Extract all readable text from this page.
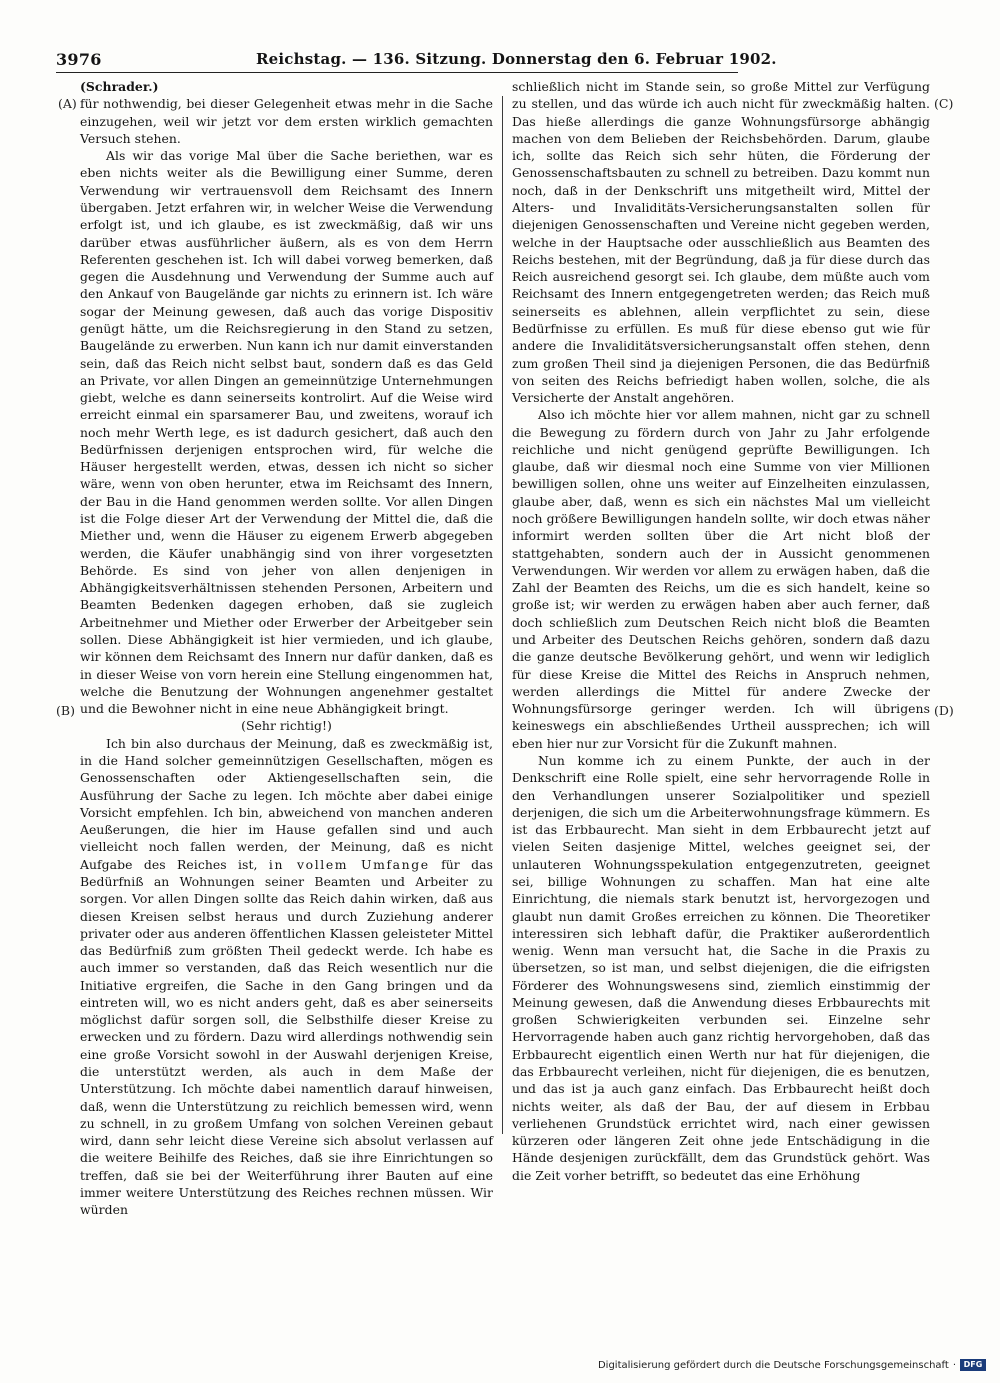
3976	Reichstag. — 136. Sitzung. Donnerstag den 6. Februar 1902.
(A)
(B)
(C)
(D)
(Schrader.)

für nothwendig, bei dieser Gelegenheit etwas mehr in die Sache einzugehen, weil wir jetzt vor dem ersten wirklich gemachten Versuch stehen.

Als wir das vorige Mal über die Sache beriethen, war es eben nichts weiter als die Bewilligung einer Summe, deren Verwendung wir vertrauensvoll dem Reichsamt des Innern übergaben. Jetzt erfahren wir, in welcher Weise die Verwendung erfolgt ist, und ich glaube, es ist zweckmäßig, daß wir uns darüber etwas ausführlicher äußern, als es von dem Herrn Referenten geschehen ist. Ich will dabei vorweg bemerken, daß gegen die Ausdehnung und Verwendung der Summe auch auf den Ankauf von Baugelände gar nichts zu erinnern ist. Ich wäre sogar der Meinung gewesen, daß auch das vorige Dispositiv genügt hätte, um die Reichsregierung in den Stand zu setzen, Baugelände zu erwerben. Nun kann ich nur damit einverstanden sein, daß das Reich nicht selbst baut, sondern daß es das Geld an Private, vor allen Dingen an gemeinnützige Unternehmungen giebt, welche es dann seinerseits kontrolirt. Auf die Weise wird erreicht einmal ein sparsamerer Bau, und zweitens, worauf ich noch mehr Werth lege, es ist dadurch gesichert, daß auch den Bedürfnissen derjenigen entsprochen wird, für welche die Häuser hergestellt werden, etwas, dessen ich nicht so sicher wäre, wenn von oben herunter, etwa im Reichsamt des Innern, der Bau in die Hand genommen werden sollte. Vor allen Dingen ist die Folge dieser Art der Verwendung der Mittel die, daß die Miether und, wenn die Häuser zu eigenem Erwerb abgegeben werden, die Käufer unabhängig sind von ihrer vorgesetzten Behörde. Es sind von jeher von allen denjenigen in Abhängigkeitsverhältnissen stehenden Personen, Arbeitern und Beamten Bedenken dagegen erhoben, daß sie zugleich Arbeitnehmer und Miether oder Erwerber der Arbeitgeber sein sollen. Diese Abhängigkeit ist hier vermieden, und ich glaube, wir können dem Reichsamt des Innern nur dafür danken, daß es in dieser Weise von vorn herein eine Stellung eingenommen hat, welche die Benutzung der Wohnungen angenehmer gestaltet und die Bewohner nicht in eine neue Abhängigkeit bringt.

(Sehr richtig!)

Ich bin also durchaus der Meinung, daß es zweckmäßig ist, in die Hand solcher gemeinnützigen Gesellschaften, mögen es Genossenschaften oder Aktiengesellschaften sein, die Ausführung der Sache zu legen. Ich möchte aber dabei einige Vorsicht empfehlen. Ich bin, abweichend von manchen anderen Aeußerungen, die hier im Hause gefallen sind und auch vielleicht noch fallen werden, der Meinung, daß es nicht Aufgabe des Reiches ist, in vollem Umfange für das Bedürfniß an Wohnungen seiner Beamten und Arbeiter zu sorgen. Vor allen Dingen sollte das Reich dahin wirken, daß aus diesen Kreisen selbst heraus und durch Zuziehung anderer privater oder aus anderen öffentlichen Klassen geleisteter Mittel das Bedürfniß zum größten Theil gedeckt werde. Ich habe es auch immer so verstanden, daß das Reich wesentlich nur die Initiative ergreifen, die Sache in den Gang bringen und da eintreten will, wo es nicht anders geht, daß es aber seinerseits möglichst dafür sorgen soll, die Selbsthilfe dieser Kreise zu erwecken und zu fördern. Dazu wird allerdings nothwendig sein eine große Vorsicht sowohl in der Auswahl derjenigen Kreise, die unterstützt werden, als auch in dem Maße der Unterstützung. Ich möchte dabei namentlich darauf hinweisen, daß, wenn die Unterstützung zu reichlich bemessen wird, wenn zu schnell, in zu großem Umfang von solchen Vereinen gebaut wird, dann sehr leicht diese Vereine sich absolut verlassen auf die weitere Beihilfe des Reiches, daß sie ihre Einrichtungen so treffen, daß sie bei der Weiterführung ihrer Bauten auf eine immer weitere Unterstützung des Reiches rechnen müssen. Wir würden

schließlich nicht im Stande sein, so große Mittel zur Verfügung zu stellen, und das würde ich auch nicht für zweckmäßig halten. Das hieße allerdings die ganze Wohnungsfürsorge abhängig machen von dem Belieben der Reichsbehörden. Darum, glaube ich, sollte das Reich sich sehr hüten, die Förderung der Genossenschaftsbauten zu schnell zu betreiben. Dazu kommt nun noch, daß in der Denkschrift uns mitgetheilt wird, Mittel der Alters- und Invaliditäts-Versicherungsanstalten sollen für diejenigen Genossenschaften und Vereine nicht gegeben werden, welche in der Hauptsache oder ausschließlich aus Beamten des Reichs bestehen, mit der Begründung, daß ja für diese durch das Reich ausreichend gesorgt sei. Ich glaube, dem müßte auch vom Reichsamt des Innern entgegengetreten werden; das Reich muß seinerseits es ablehnen, allein verpflichtet zu sein, diese Bedürfnisse zu erfüllen. Es muß für diese ebenso gut wie für andere die Invaliditätsversicherungsanstalt offen stehen, denn zum großen Theil sind ja diejenigen Personen, die das Bedürfniß von seiten des Reichs befriedigt haben wollen, solche, die als Versicherte der Anstalt angehören.

Also ich möchte hier vor allem mahnen, nicht gar zu schnell die Bewegung zu fördern durch von Jahr zu Jahr erfolgende reichliche und nicht genügend geprüfte Bewilligungen. Ich glaube, daß wir diesmal noch eine Summe von vier Millionen bewilligen sollen, ohne uns weiter auf Einzelheiten einzulassen, glaube aber, daß, wenn es sich ein nächstes Mal um vielleicht noch größere Bewilligungen handeln sollte, wir doch etwas näher informirt werden sollten über die Art nicht bloß der stattgehabten, sondern auch der in Aussicht genommenen Verwendungen. Wir werden vor allem zu erwägen haben, daß die Zahl der Beamten des Reichs, um die es sich handelt, keine so große ist; wir werden zu erwägen haben aber auch ferner, daß doch schließlich zum Deutschen Reich nicht bloß die Beamten und Arbeiter des Deutschen Reichs gehören, sondern daß dazu die ganze deutsche Bevölkerung gehört, und wenn wir lediglich für diese Kreise die Mittel des Reichs in Anspruch nehmen, werden allerdings die Mittel für andere Zwecke der Wohnungsfürsorge geringer werden. Ich will übrigens keineswegs ein abschließendes Urtheil aussprechen; ich will eben hier nur zur Vorsicht für die Zukunft mahnen.

Nun komme ich zu einem Punkte, der auch in der Denkschrift eine Rolle spielt, eine sehr hervorragende Rolle in den Verhandlungen unserer Sozialpolitiker und speziell derjenigen, die sich um die Arbeiterwohnungsfrage kümmern. Es ist das Erbbaurecht. Man sieht in dem Erbbaurecht jetzt auf vielen Seiten dasjenige Mittel, welches geeignet sei, der unlauteren Wohnungsspekulation entgegenzutreten, geeignet sei, billige Wohnungen zu schaffen. Man hat eine alte Einrichtung, die niemals stark benutzt ist, hervorgezogen und glaubt nun damit Großes erreichen zu können. Die Theoretiker interessiren sich lebhaft dafür, die Praktiker außerordentlich wenig. Wenn man versucht hat, die Sache in die Praxis zu übersetzen, so ist man, und selbst diejenigen, die die eifrigsten Förderer des Wohnungswesens sind, ziemlich einstimmig der Meinung gewesen, daß die Anwendung dieses Erbbaurechts mit großen Schwierigkeiten verbunden sei. Einzelne sehr Hervorragende haben auch ganz richtig hervorgehoben, daß das Erbbaurecht eigentlich einen Werth nur hat für diejenigen, die das Erbbaurecht verleihen, nicht für diejenigen, die es benutzen, und das ist ja auch ganz einfach. Das Erbbaurecht heißt doch nichts weiter, als daß der Bau, der auf diesem in Erbbau verliehenen Grundstück errichtet wird, nach einer gewissen kürzeren oder längeren Zeit ohne jede Entschädigung in die Hände desjenigen zurückfällt, dem das Grundstück gehört. Was die Zeit vorher betrifft, so bedeutet das eine Erhöhung

Digitalisierung gefördert durch die Deutsche Forschungsgemeinschaft · DFG
